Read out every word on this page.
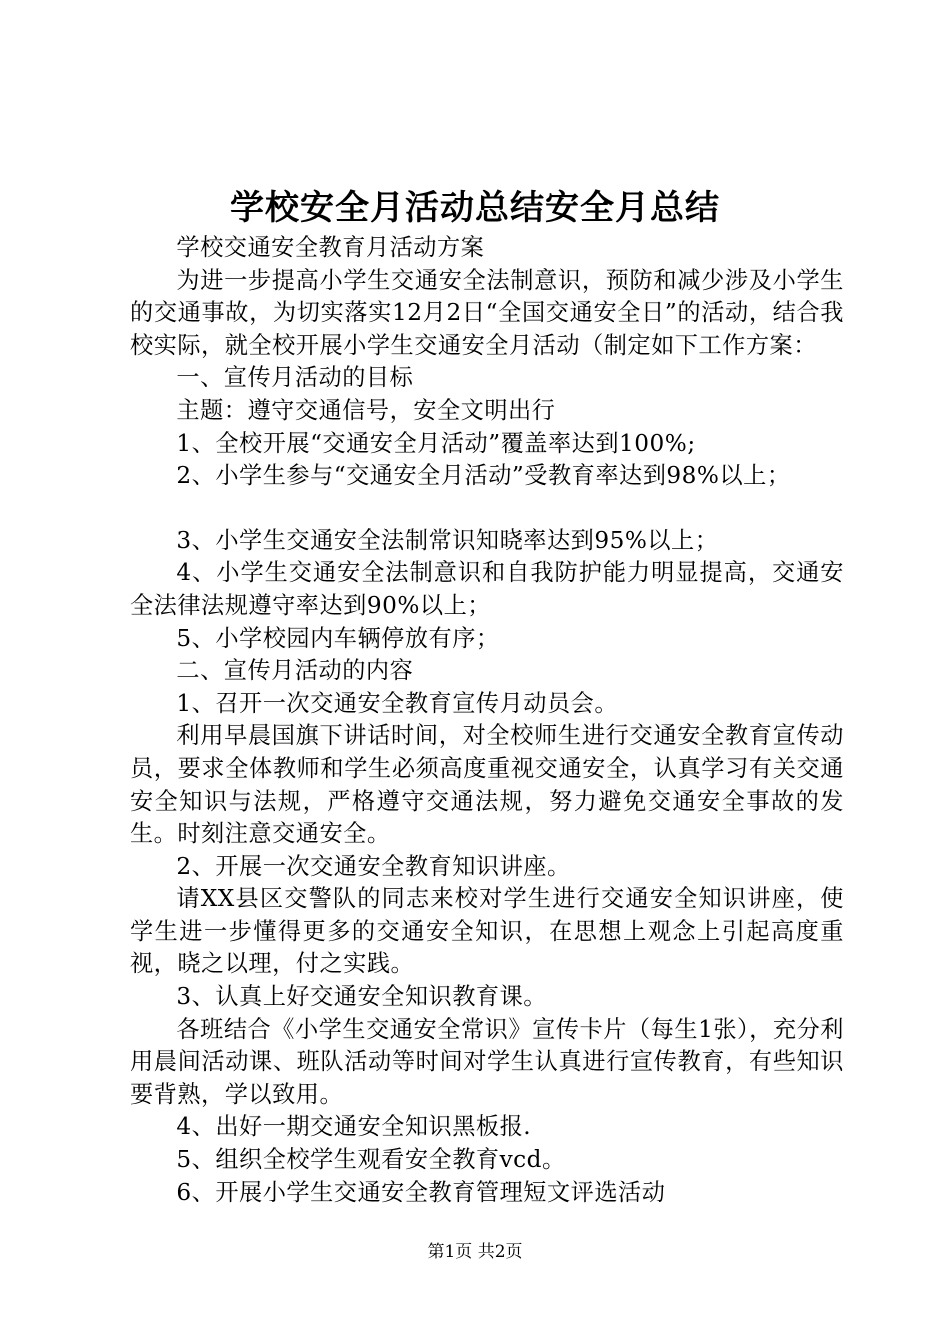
学校安全月活动总结安全月总结

学校交通安全教育月活动方案

为进一步提高小学生交通安全法制意识，预防和减少涉及小学生的交通事故，为切实落实12月2日“全国交通安全日”的活动，结合我校实际，就全校开展小学生交通安全月活动（制定如下工作方案：

一、宣传月活动的目标

主题：遵守交通信号，安全文明出行

1、全校开展“交通安全月活动”覆盖率达到100%;

2、小学生参与“交通安全月活动”受教育率达到98%以上；

3、小学生交通安全法制常识知晓率达到95%以上；

4、小学生交通安全法制意识和自我防护能力明显提高，交通安全法律法规遵守率达到90%以上；

5、小学校园内车辆停放有序；

二、宣传月活动的内容

1、召开一次交通安全教育宣传月动员会。

利用早晨国旗下讲话时间，对全校师生进行交通安全教育宣传动员，要求全体教师和学生必须高度重视交通安全，认真学习有关交通安全知识与法规，严格遵守交通法规，努力避免交通安全事故的发生。时刻注意交通安全。

2、开展一次交通安全教育知识讲座。

请XX县区交警队的同志来校对学生进行交通安全知识讲座，使学生进一步懂得更多的交通安全知识，在思想上观念上引起高度重视，晓之以理，付之实践。

3、认真上好交通安全知识教育课。

各班结合《小学生交通安全常识》宣传卡片（每生1张），充分利用晨间活动课、班队活动等时间对学生认真进行宣传教育，有些知识要背熟，学以致用。

4、出好一期交通安全知识黑板报.

5、组织全校学生观看安全教育vcd。

6、开展小学生交通安全教育管理短文评选活动

第1页 共2页
